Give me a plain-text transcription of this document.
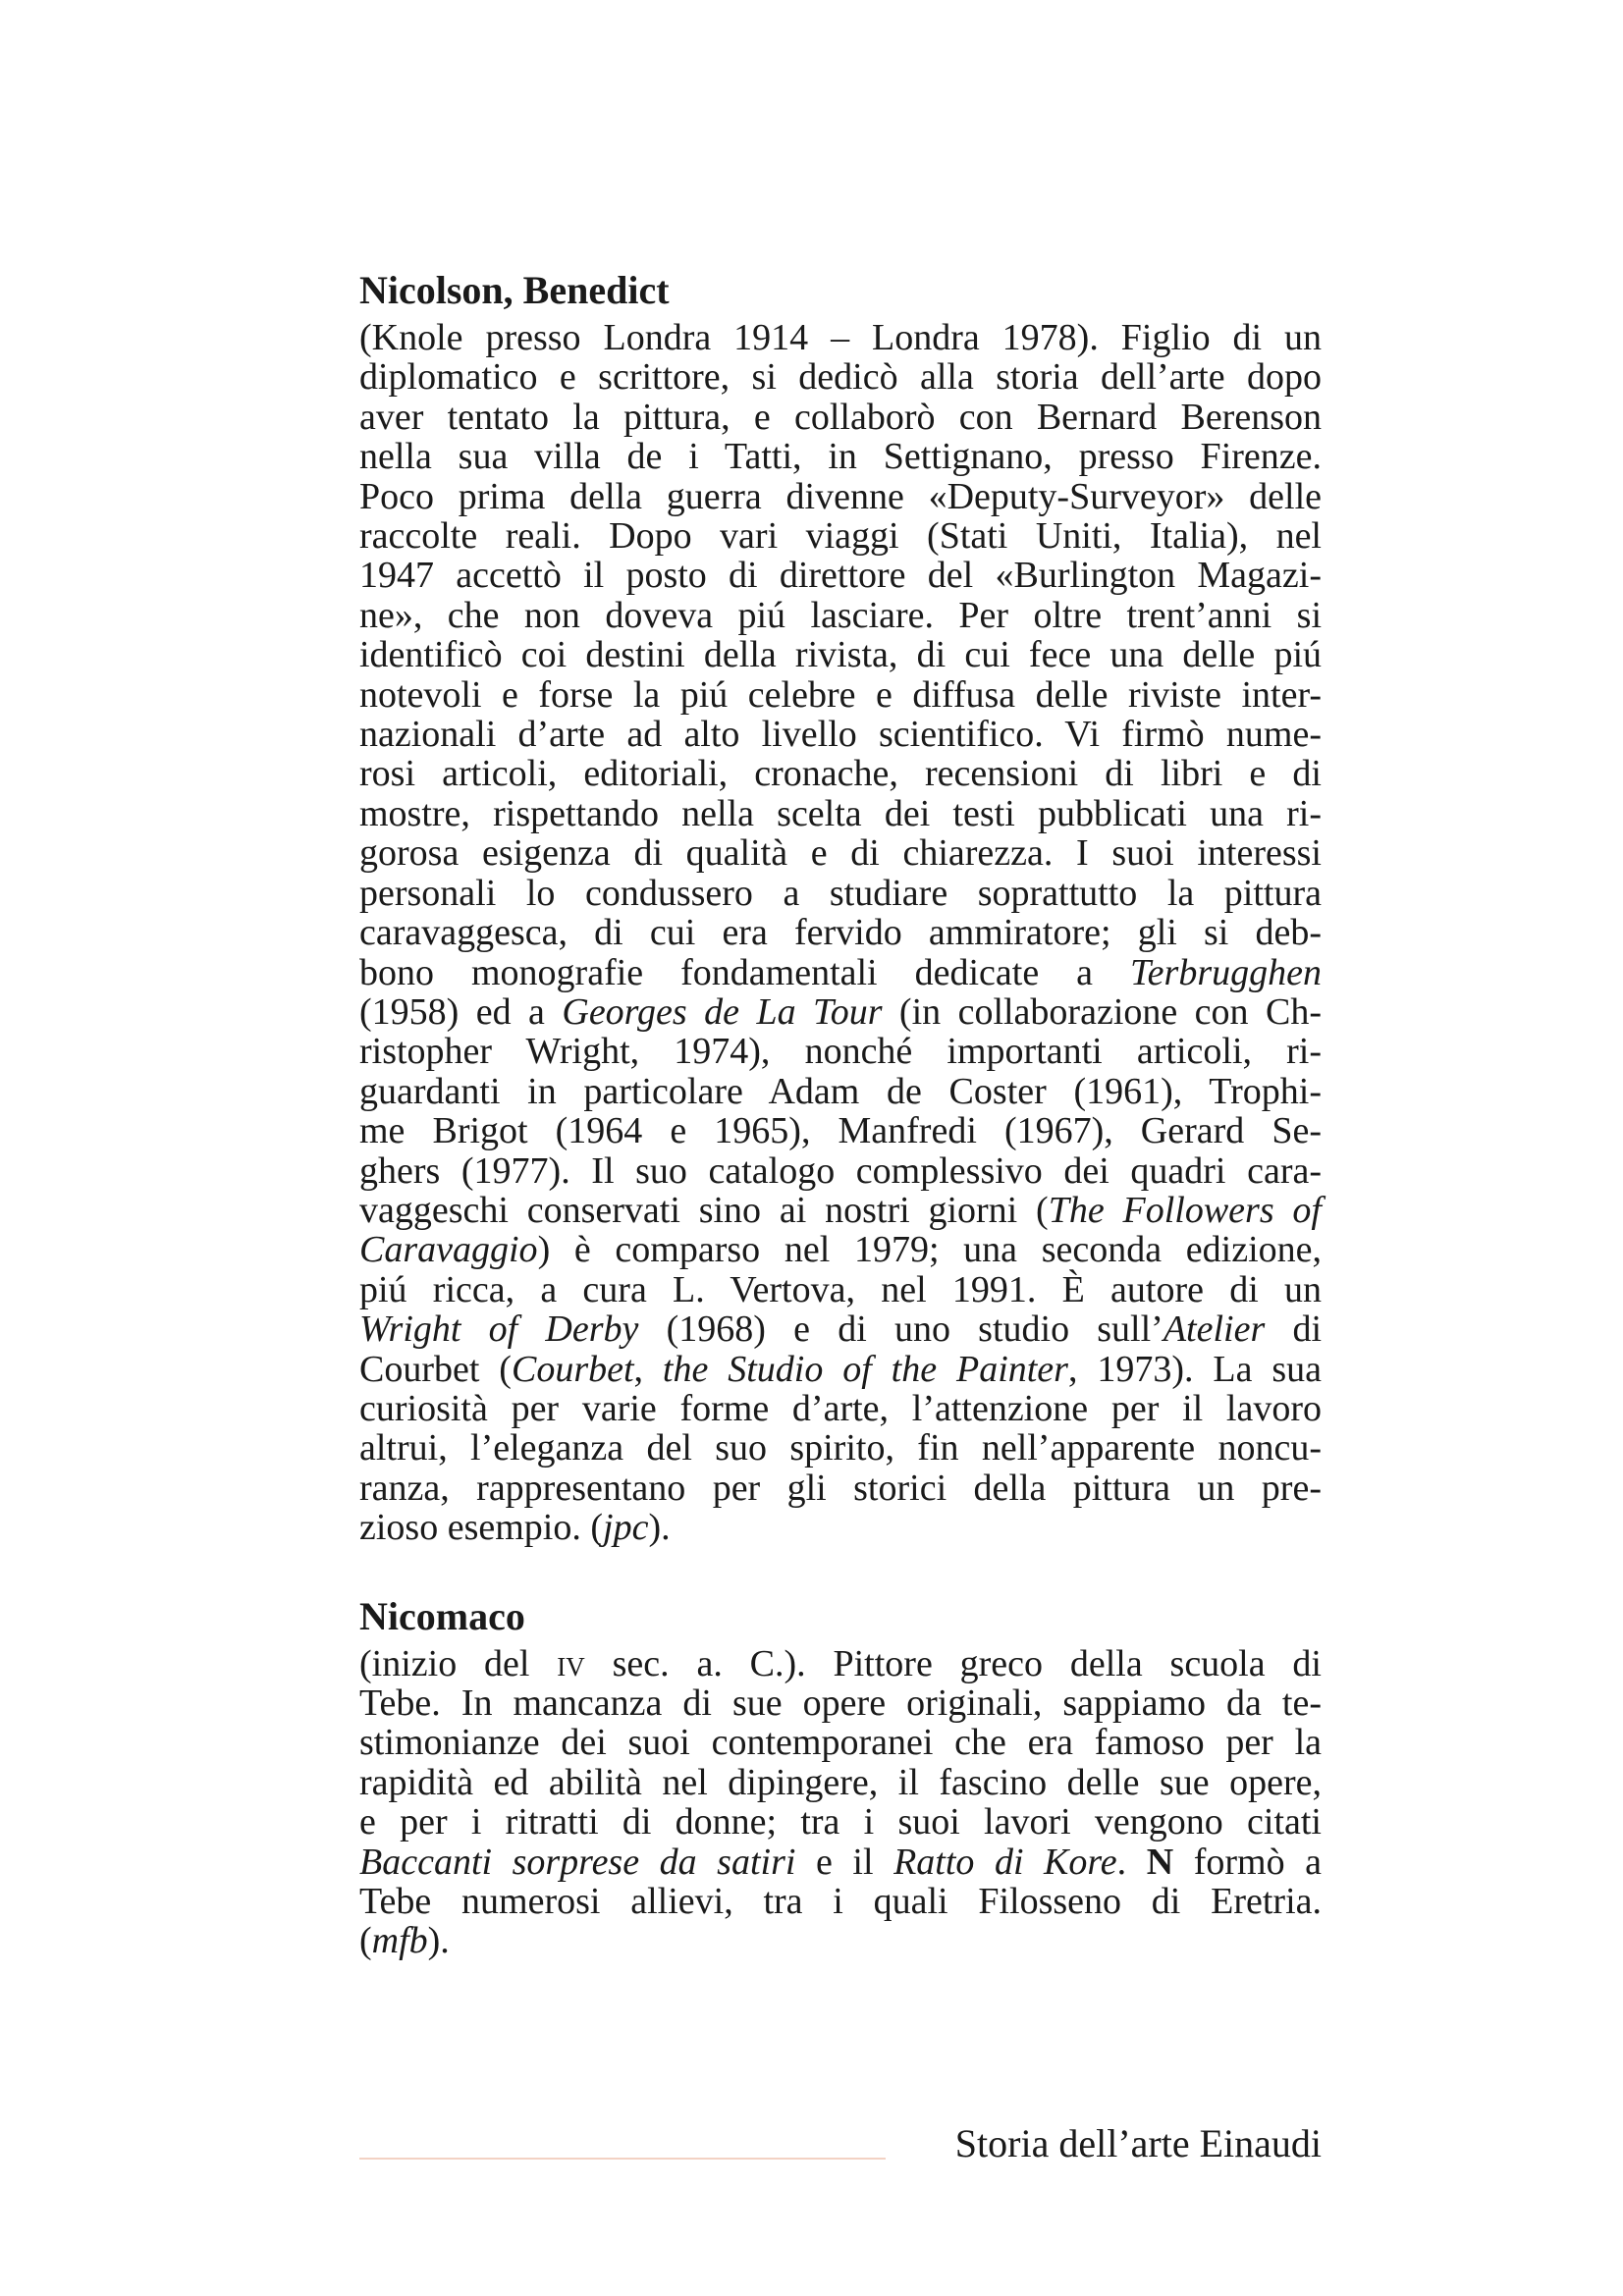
Nicolson, Benedict
(Knole presso Londra 1914 – Londra 1978). Figlio di un
diplomatico e scrittore, si dedicò alla storia dell’arte dopo
aver tentato la pittura, e collaborò con Bernard Berenson
nella sua villa de i Tatti, in Settignano, presso Firenze.
Poco prima della guerra divenne «Deputy-Surveyor» delle
raccolte reali. Dopo vari viaggi (Stati Uniti, Italia), nel
1947 accettò il posto di direttore del «Burlington Magazi-
ne», che non doveva piú lasciare. Per oltre trent’anni si
identificò coi destini della rivista, di cui fece una delle piú
notevoli e forse la piú celebre e diffusa delle riviste inter-
nazionali d’arte ad alto livello scientifico. Vi firmò nume-
rosi articoli, editoriali, cronache, recensioni di libri e di
mostre, rispettando nella scelta dei testi pubblicati una ri-
gorosa esigenza di qualità e di chiarezza. I suoi interessi
personali lo condussero a studiare soprattutto la pittura
caravaggesca, di cui era fervido ammiratore; gli si deb-
bono monografie fondamentali dedicate a Terbrugghen
(1958) ed a Georges de La Tour (in collaborazione con Ch-
ristopher Wright, 1974), nonché importanti articoli, ri-
guardanti in particolare Adam de Coster (1961), Trophi-
me Brigot (1964 e 1965), Manfredi (1967), Gerard Se-
ghers (1977). Il suo catalogo complessivo dei quadri cara-
vaggeschi conservati sino ai nostri giorni (The Followers of
Caravaggio) è comparso nel 1979; una seconda edizione,
piú ricca, a cura L. Vertova, nel 1991. È autore di un
Wright of Derby (1968) e di uno studio sull’Atelier di
Courbet (Courbet, the Studio of the Painter, 1973). La sua
curiosità per varie forme d’arte, l’attenzione per il lavoro
altrui, l’eleganza del suo spirito, fin nell’apparente noncu-
ranza, rappresentano per gli storici della pittura un pre-
zioso esempio. (jpc).
Nicomaco
(inizio del iv sec. a. C.). Pittore greco della scuola di
Tebe. In mancanza di sue opere originali, sappiamo da te-
stimonianze dei suoi contemporanei che era famoso per la
rapidità ed abilità nel dipingere, il fascino delle sue opere,
e per i ritratti di donne; tra i suoi lavori vengono citati
Baccanti sorprese da satiri e il Ratto di Kore. N formò a
Tebe numerosi allievi, tra i quali Filosseno di Eretria.
(mfb).
Storia dell’arte Einaudi
